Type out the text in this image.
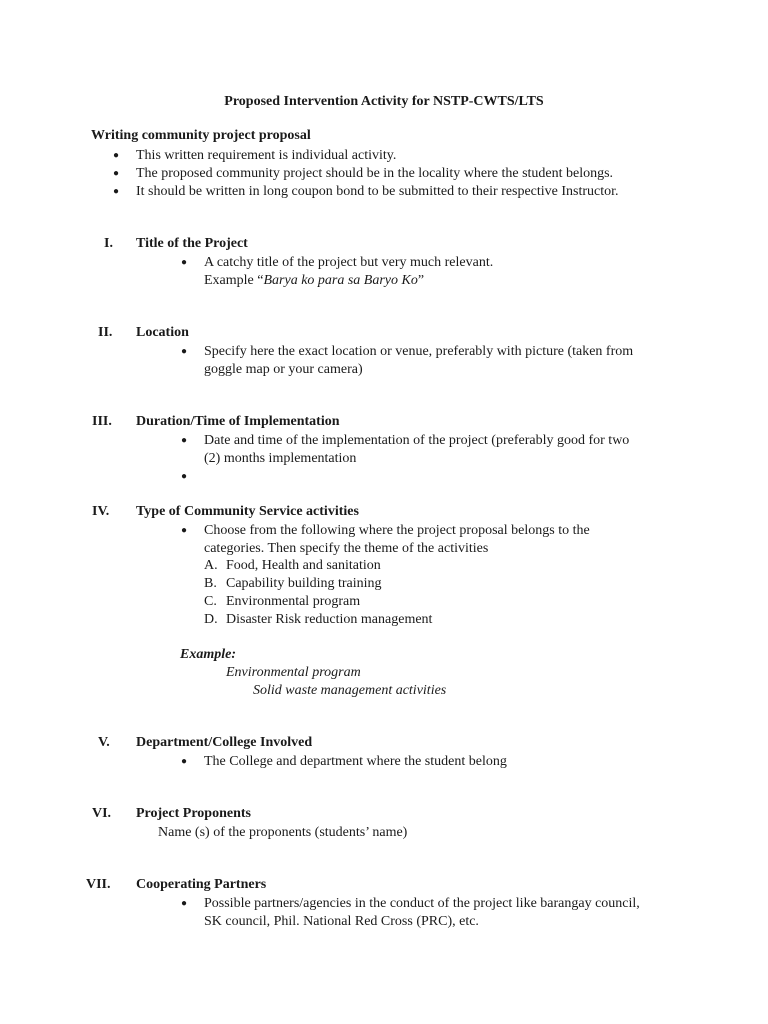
Proposed Intervention Activity for NSTP-CWTS/LTS
Writing community project proposal
● This written requirement is individual activity.
● The proposed community project should be in the locality where the student belongs.
● It should be written in long coupon bond to be submitted to their respective Instructor.
I.	Title of the Project
● A catchy title of the project but very much relevant.
Example “Barya ko para sa Baryo Ko”
II.	Location
● Specify here the exact location or venue, preferably with picture (taken from
goggle map or your camera)
III.	Duration/Time of Implementation
● Date and time of the implementation of the project (preferably good for two
(2) months implementation
●
IV.	Type of Community Service activities
● Choose from the following where the project proposal belongs to the
categories. Then specify the theme of the activities
A. Food, Health and sanitation
B. Capability building training
C. Environmental program
D. Disaster Risk reduction management
Example:
Environmental program
Solid waste management activities
V.	Department/College Involved
● The College and department where the student belong
VI.	Project Proponents
Name (s) of the proponents (students’ name)
VII.	Cooperating Partners
● Possible partners/agencies in the conduct of the project like barangay council,
SK council, Phil. National Red Cross (PRC), etc.
